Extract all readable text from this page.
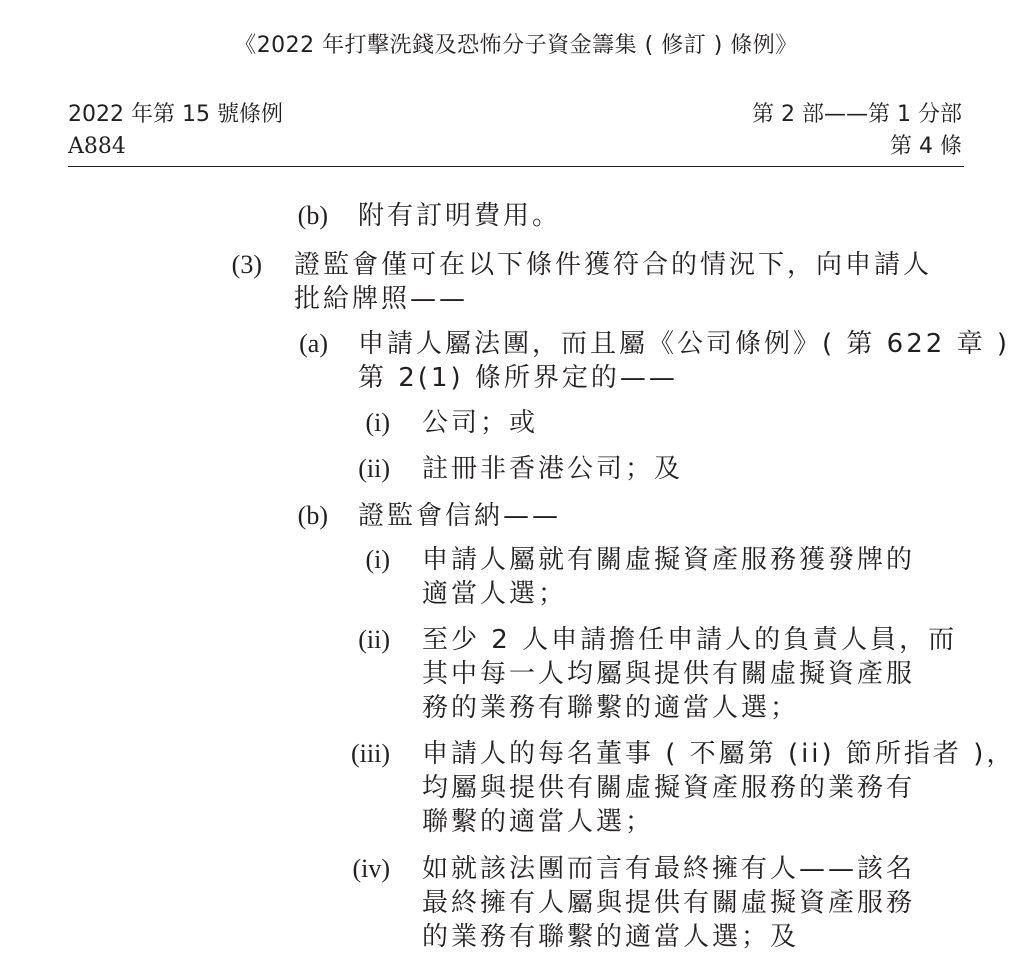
《2022 年打擊洗錢及恐怖分子資金籌集 ( 修訂 ) 條例》
2022 年第 15 號條例
A884
第 2 部——第 1 分部
第 4 條
(b) 附有訂明費用。
(3) 證監會僅可在以下條件獲符合的情況下，向申請人
批給牌照——
(a) 申請人屬法團，而且屬《公司條例》( 第 622 章 )
第 2(1) 條所界定的——
(i) 公司；或
(ii) 註冊非香港公司；及
(b) 證監會信納——
(i) 申請人屬就有關虛擬資產服務獲發牌的
適當人選；
(ii) 至少 2 人申請擔任申請人的負責人員，而
其中每一人均屬與提供有關虛擬資產服
務的業務有聯繫的適當人選；
(iii) 申請人的每名董事 ( 不屬第 (ii) 節所指者 )，
均屬與提供有關虛擬資產服務的業務有
聯繫的適當人選；
(iv) 如就該法團而言有最終擁有人——該名
最終擁有人屬與提供有關虛擬資產服務
的業務有聯繫的適當人選；及
